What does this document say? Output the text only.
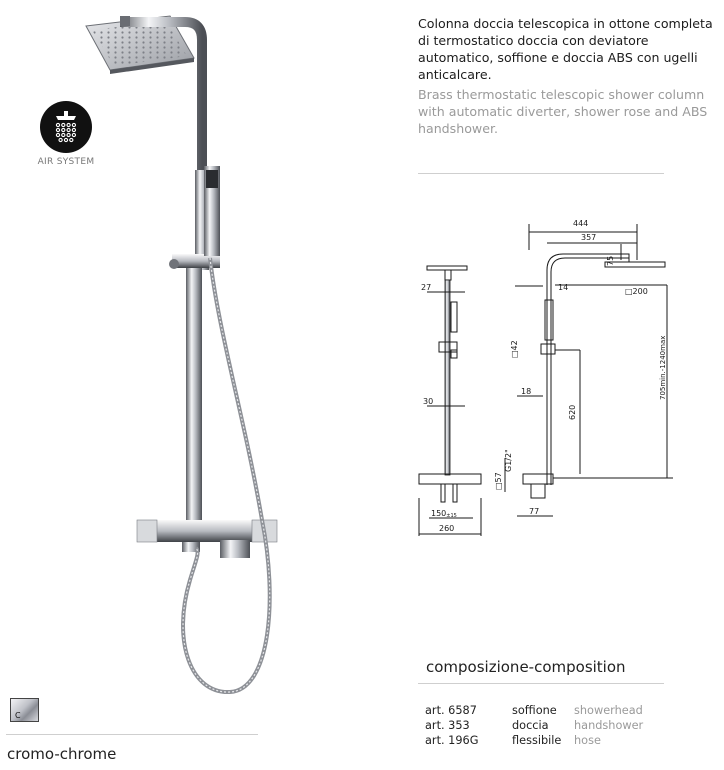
AIR SYSTEM
Colonna doccia telescopica in ottone completa di termostatico doccia con deviatore automatico, soffione e doccia ABS con ugelli anticalcare.
Brass thermostatic telescopic shower column with automatic diverter, shower rose and ABS handshower.
444
357
75
14	□200
27
□42
30
18
620
705min.-1240max
G1/2"
□57
150±15
260
77
composizione-composition
art. 6587	soffione	showerhead
art. 353	doccia	handshower
art. 196G	flessibile	hose
C
cromo-chrome
